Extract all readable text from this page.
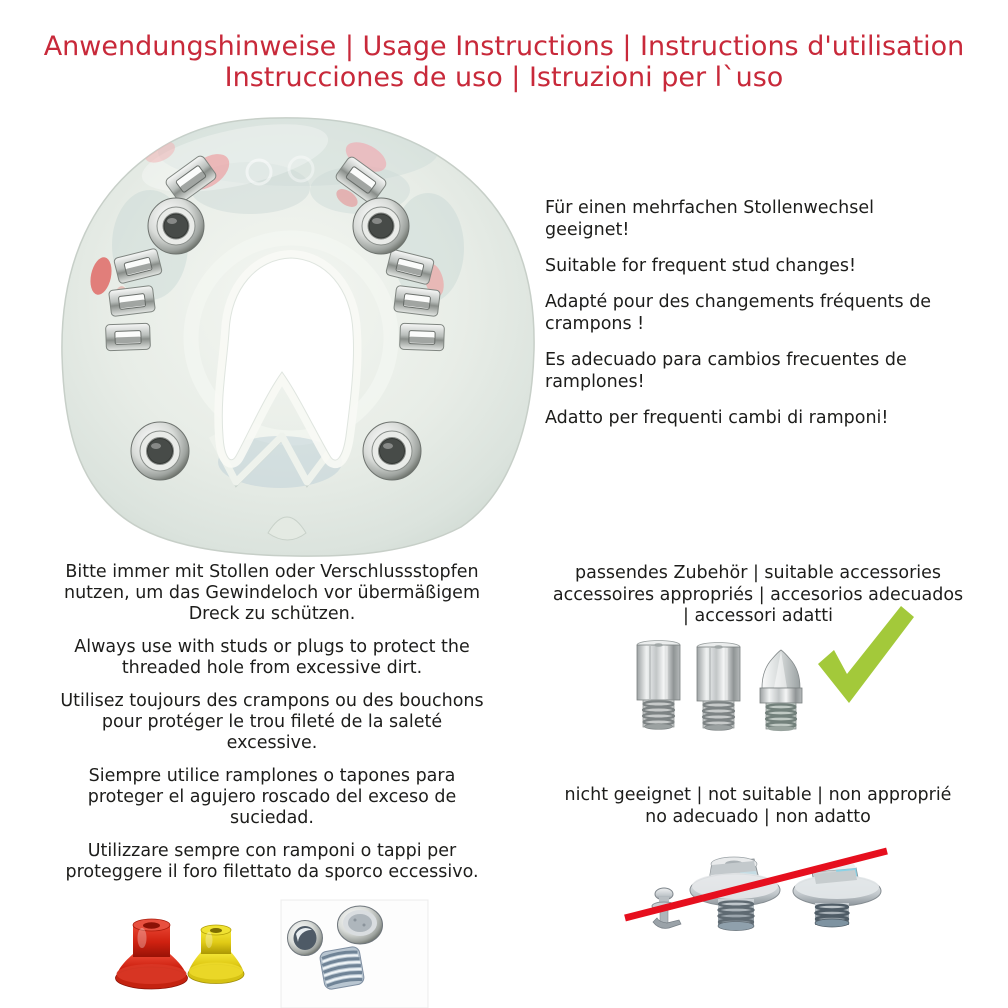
Anwendungshinweise | Usage Instructions | Instructions d'utilisation
Instrucciones de uso | Istruzioni per l`uso

Für einen mehrfachen Stollenwechsel geeignet!

Suitable for frequent stud changes!

Adapté pour des changements fréquents de crampons !

Es adecuado para cambios frecuentes de ramplones!

Adatto per frequenti cambi di ramponi!

Bitte immer mit Stollen oder Verschlussstopfen nutzen, um das Gewindeloch vor übermäßigem Dreck zu schützen.

Always use with studs or plugs to protect the threaded hole from excessive dirt.

Utilisez toujours des crampons ou des bouchons pour protéger le trou fileté de la saleté excessive.

Siempre utilice ramplones o tapones para proteger el agujero roscado del exceso de suciedad.

Utilizzare sempre con ramponi o tappi per proteggere il foro filettato da sporco eccessivo.

passendes Zubehör | suitable accessories
accessoires appropriés | accesorios adecuados
| accessori adatti
nicht geeignet | not suitable | non approprié
no adecuado | non adatto
